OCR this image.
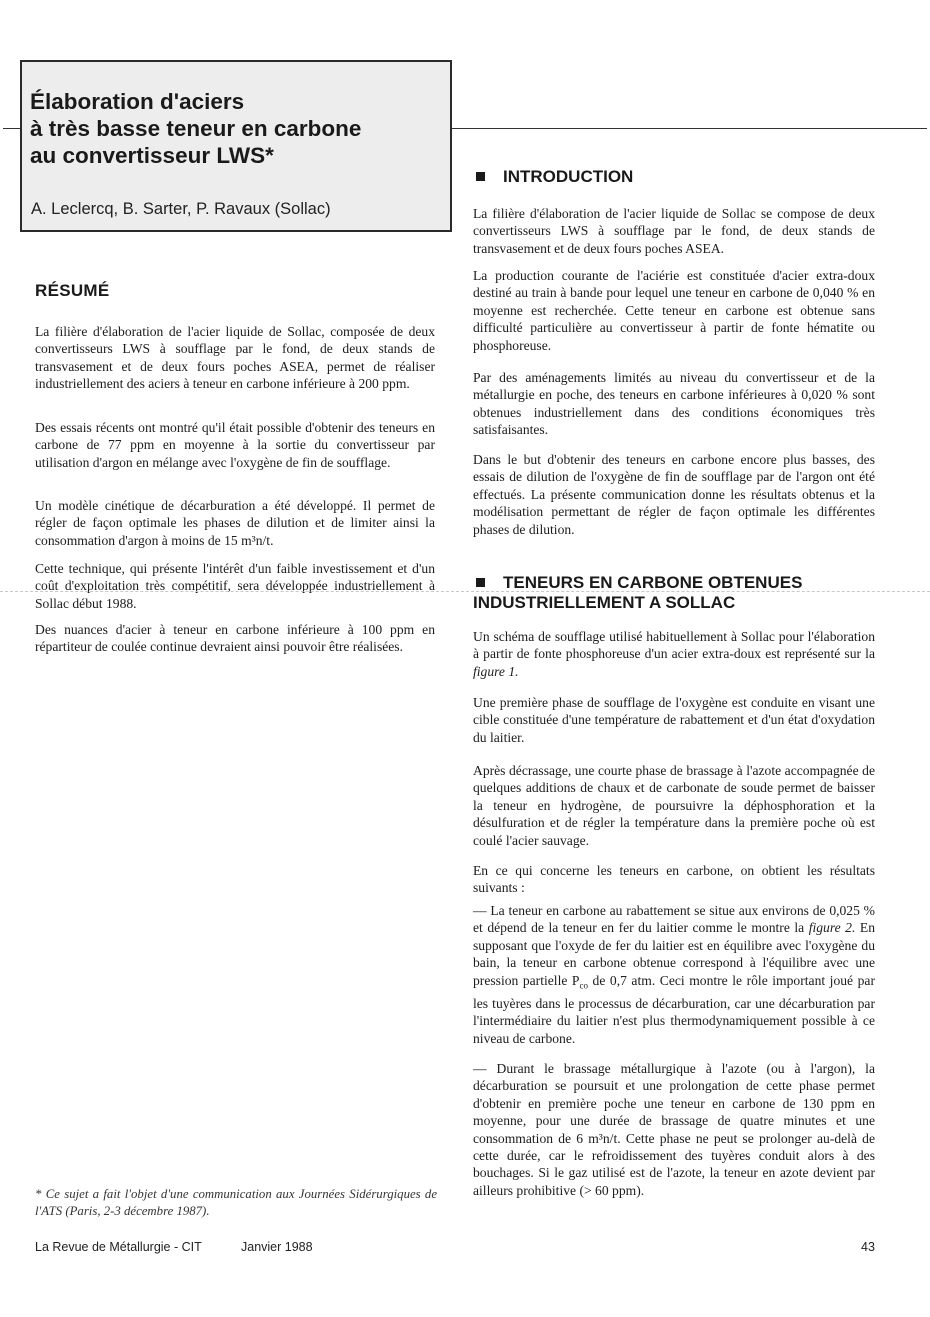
Élaboration d'aciers
à très basse teneur en carbone
au convertisseur LWS*

A. Leclercq, B. Sarter, P. Ravaux (Sollac)

RÉSUMÉ

La filière d'élaboration de l'acier liquide de Sollac, composée de deux convertisseurs LWS à soufflage par le fond, de deux stands de transvasement et de deux fours poches ASEA, permet de réaliser industriellement des aciers à teneur en carbone inférieure à 200 ppm.

Des essais récents ont montré qu'il était possible d'obtenir des teneurs en carbone de 77 ppm en moyenne à la sortie du convertisseur par utilisation d'argon en mélange avec l'oxygène de fin de soufflage.

Un modèle cinétique de décarburation a été développé. Il permet de régler de façon optimale les phases de dilution et de limiter ainsi la consommation d'argon à moins de 15 m³n/t.

Cette technique, qui présente l'intérêt d'un faible investissement et d'un coût d'exploitation très compétitif, sera développée industriellement à Sollac début 1988.

Des nuances d'acier à teneur en carbone inférieure à 100 ppm en répartiteur de coulée continue devraient ainsi pouvoir être réalisées.

* Ce sujet a fait l'objet d'une communication aux Journées Sidérurgiques de l'ATS (Paris, 2-3 décembre 1987).

INTRODUCTION

La filière d'élaboration de l'acier liquide de Sollac se compose de deux convertisseurs LWS à soufflage par le fond, de deux stands de transvasement et de deux fours poches ASEA.

La production courante de l'aciérie est constituée d'acier extra-doux destiné au train à bande pour lequel une teneur en carbone de 0,040 % en moyenne est recherchée. Cette teneur en carbone est obtenue sans difficulté particulière au convertisseur à partir de fonte hématite ou phosphoreuse.

Par des aménagements limités au niveau du convertisseur et de la métallurgie en poche, des teneurs en carbone inférieures à 0,020 % sont obtenues industriellement dans des conditions économiques très satisfaisantes.

Dans le but d'obtenir des teneurs en carbone encore plus basses, des essais de dilution de l'oxygène de fin de soufflage par de l'argon ont été effectués. La présente communication donne les résultats obtenus et la modélisation permettant de régler de façon optimale les différentes phases de dilution.

TENEURS EN CARBONE OBTENUES
INDUSTRIELLEMENT A SOLLAC

Un schéma de soufflage utilisé habituellement à Sollac pour l'élaboration à partir de fonte phosphoreuse d'un acier extra-doux est représenté sur la figure 1.

Une première phase de soufflage de l'oxygène est conduite en visant une cible constituée d'une température de rabattement et d'un état d'oxydation du laitier.

Après décrassage, une courte phase de brassage à l'azote accompagnée de quelques additions de chaux et de carbonate de soude permet de baisser la teneur en hydrogène, de poursuivre la déphosphoration et la désulfuration et de régler la température dans la première poche où est coulé l'acier sauvage.

En ce qui concerne les teneurs en carbone, on obtient les résultats suivants :

— La teneur en carbone au rabattement se situe aux environs de 0,025 % et dépend de la teneur en fer du laitier comme le montre la figure 2. En supposant que l'oxyde de fer du laitier est en équilibre avec l'oxygène du bain, la teneur en carbone obtenue correspond à l'équilibre avec une pression partielle $P_{co}$ de 0,7 atm. Ceci montre le rôle important joué par les tuyères dans le processus de décarburation, car une décarburation par l'intermédiaire du laitier n'est plus thermodynamiquement possible à ce niveau de carbone.

— Durant le brassage métallurgique à l'azote (ou à l'argon), la décarburation se poursuit et une prolongation de cette phase permet d'obtenir en première poche une teneur en carbone de 130 ppm en moyenne, pour une durée de brassage de quatre minutes et une consommation de 6 m³n/t. Cette phase ne peut se prolonger au-delà de cette durée, car le refroidissement des tuyères conduit alors à des bouchages. Si le gaz utilisé est de l'azote, la teneur en azote devient par ailleurs prohibitive (> 60 ppm).

La Revue de Métallurgie - CIT	Janvier 1988	43
